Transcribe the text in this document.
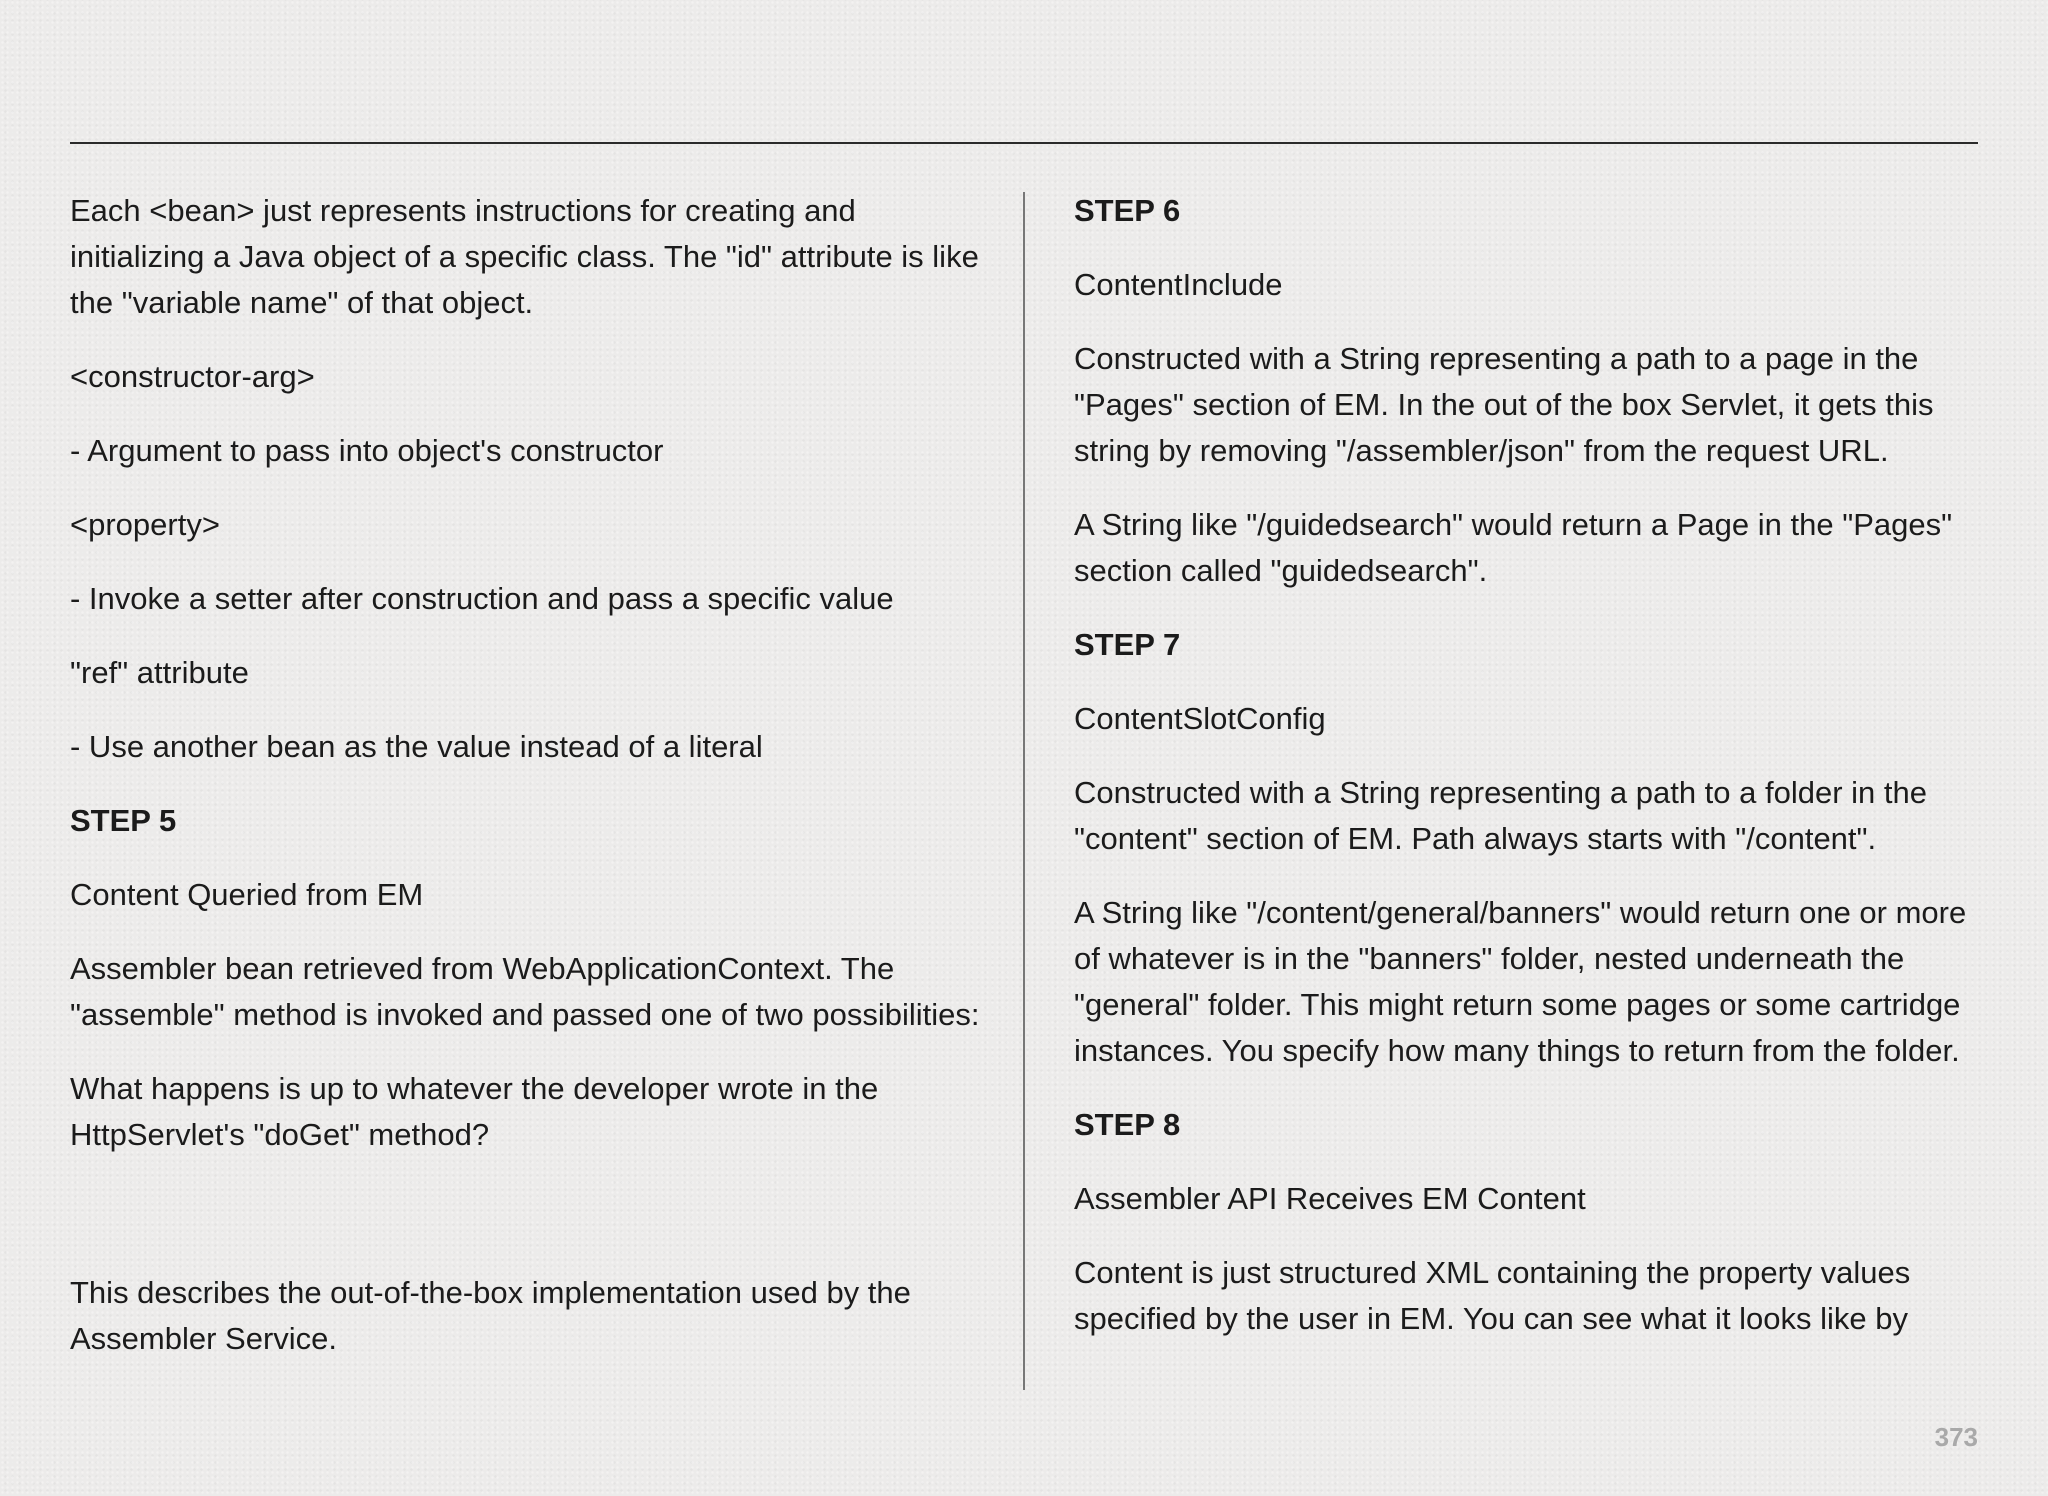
Each <bean> just represents instructions for creating and initializing a Java object of a specific class. The "id" attribute is like the "variable name" of that object.

<constructor-arg>

- Argument to pass into object's constructor

<property>

- Invoke a setter after construction and pass a specific value

"ref" attribute

- Use another bean as the value instead of a literal

STEP 5

Content Queried from EM

Assembler bean retrieved from WebApplicationContext. The "assemble" method is invoked and passed one of two possibilities:

What happens is up to whatever the developer wrote in the HttpServlet's "doGet" method?

This describes the out-of-the-box implementation used by the Assembler Service.

STEP 6

ContentInclude

Constructed with a String representing a path to a page in the "Pages" section of EM. In the out of the box Servlet, it gets this string by removing "/assembler/json" from the request URL.

A String like "/guidedsearch" would return a Page in the "Pages" section called "guidedsearch".

STEP 7

ContentSlotConfig

Constructed with a String representing a path to a folder in the "content" section of EM. Path always starts with "/content".

A String like "/content/general/banners" would return one or more of whatever is in the "banners" folder, nested underneath the "general" folder. This might return some pages or some cartridge instances. You specify how many things to return from the folder.

STEP 8

Assembler API Receives EM Content

Content is just structured XML containing the property values specified by the user in EM. You can see what it looks like by

373
